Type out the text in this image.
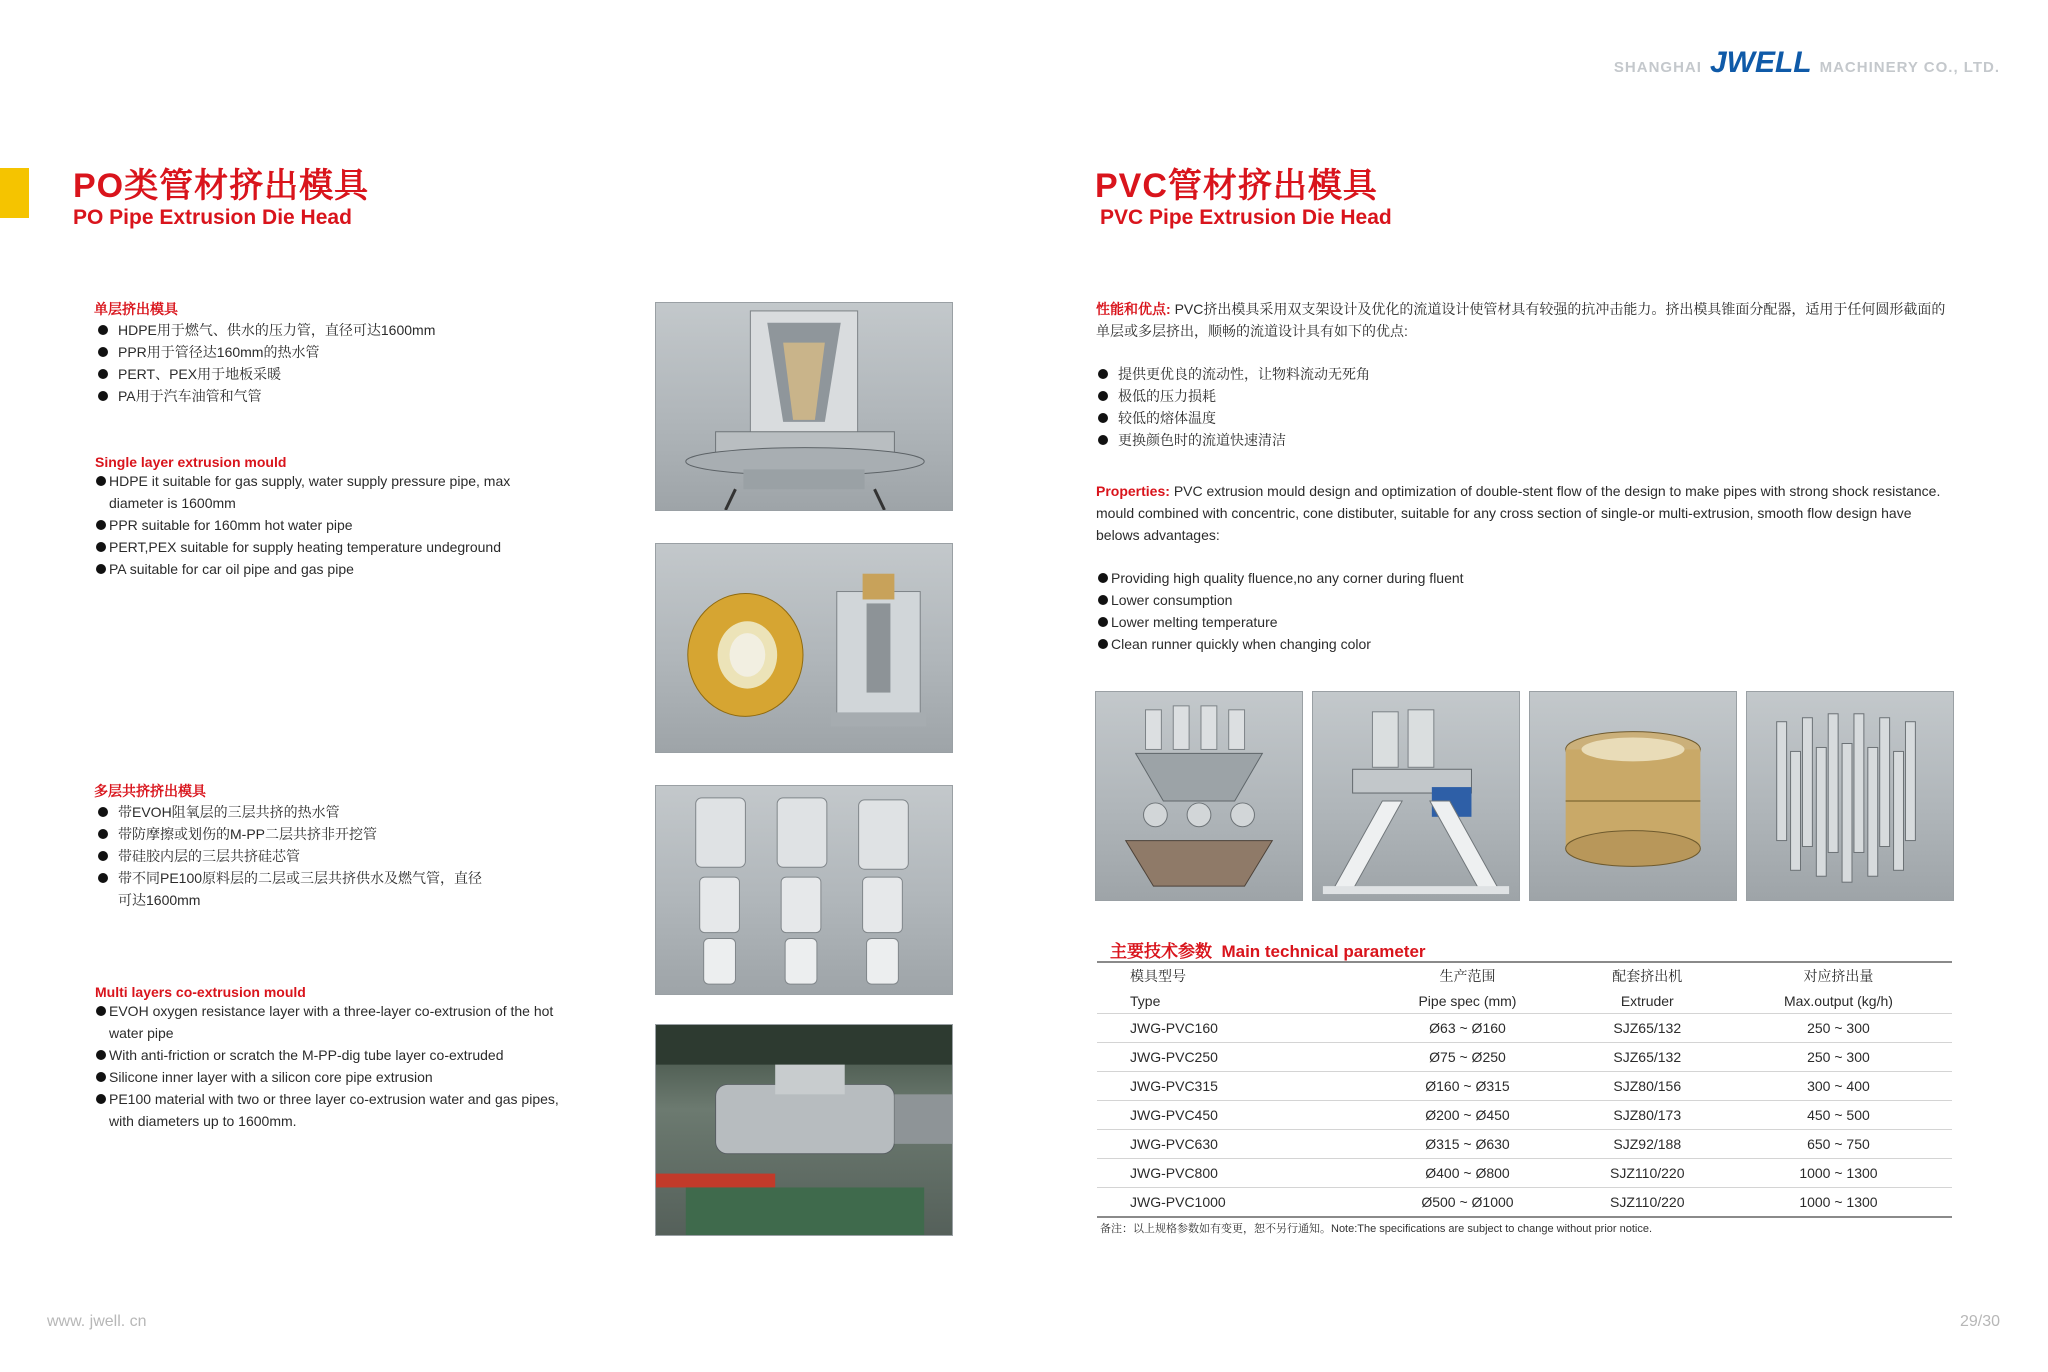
SHANGHAI JWELL MACHINERY CO., LTD.
PO类管材挤出模具
PO Pipe Extrusion Die Head
PVC管材挤出模具
PVC Pipe Extrusion Die Head
单层挤出模具
HDPE用于燃气、供水的压力管，直径可达1600mm
PPR用于管径达160mm的热水管
PERT、PEX用于地板采暖
PA用于汽车油管和气管
Single layer extrusion mould
HDPE it suitable for gas supply, water supply pressure pipe, max diameter is 1600mm
PPR suitable for 160mm hot water pipe
PERT,PEX suitable for supply heating temperature undeground
PA suitable for car oil pipe and gas pipe
多层共挤挤出模具
带EVOH阻氧层的三层共挤的热水管
带防摩擦或划伤的M-PP二层共挤非开挖管
带硅胶内层的三层共挤硅芯管
带不同PE100原料层的二层或三层共挤供水及燃气管，直径可达1600mm
Multi layers co-extrusion mould
EVOH oxygen resistance layer with a three-layer co-extrusion of the hot water pipe
With anti-friction or scratch the M-PP-dig tube layer co-extruded
Silicone inner layer with a silicon core pipe extrusion
PE100 material with two or three layer co-extrusion water and gas pipes, with diameters up to 1600mm.
性能和优点: PVC挤出模具采用双支架设计及优化的流道设计使管材具有较强的抗冲击能力。挤出模具锥面分配器，适用于任何圆形截面的单层或多层挤出，顺畅的流道设计具有如下的优点:
提供更优良的流动性，让物料流动无死角
极低的压力损耗
较低的熔体温度
更换颜色时的流道快速清洁
Properties: PVC extrusion mould design and optimization of double-stent flow of the design to make pipes with strong shock resistance. mould combined with concentric, cone distibuter, suitable for any cross section of single-or multi-extrusion, smooth flow design have belows advantages:
Providing high quality fluence,no any corner during fluent
Lower consumption
Lower melting temperature
Clean runner quickly when changing color
主要技术参数 Main technical parameter
模具型号	生产范围	配套挤出机	对应挤出量
Type	Pipe spec (mm)	Extruder	Max.output (kg/h)
JWG-PVC160	Ø63 ~ Ø160	SJZ65/132	250 ~ 300
JWG-PVC250	Ø75 ~ Ø250	SJZ65/132	250 ~ 300
JWG-PVC315	Ø160 ~ Ø315	SJZ80/156	300 ~ 400
JWG-PVC450	Ø200 ~ Ø450	SJZ80/173	450 ~ 500
JWG-PVC630	Ø315 ~ Ø630	SJZ92/188	650 ~ 750
JWG-PVC800	Ø400 ~ Ø800	SJZ110/220	1000 ~ 1300
JWG-PVC1000	Ø500 ~ Ø1000	SJZ110/220	1000 ~ 1300
备注：以上规格参数如有变更，恕不另行通知。Note:The specifications are subject to change without prior notice.
www. jwell. cn	29/30
